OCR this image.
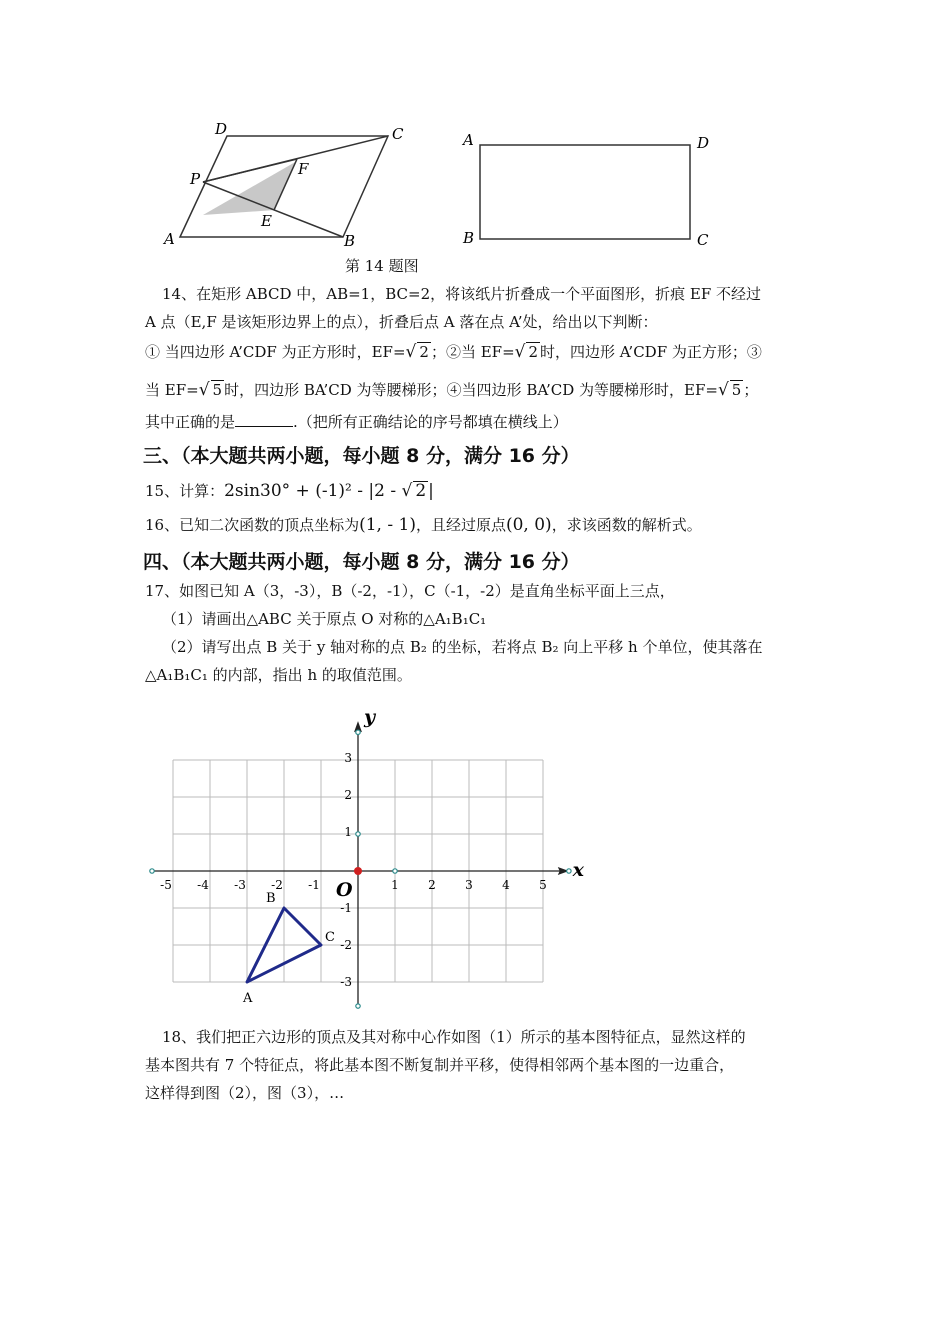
D	C
P
F
E
A	B
A	D
B	C
第 14 题图
14、在矩形 ABCD 中，AB=1，BC=2，将该纸片折叠成一个平面图形，折痕 EF 不经过
A 点（E,F 是该矩形边界上的点），折叠后点 A 落在点 A’处，给出以下判断：
① 当四边形 A’CDF 为正方形时，EF=√ 2 ；②当 EF=√ 2 时，四边形 A’CDF 为正方形；③
当 EF=√ 5 时，四边形 BA’CD 为等腰梯形；④当四边形 BA’CD 为等腰梯形时，EF=√ 5 ；
其中正确的是	.（把所有正确结论的序号都填在横线上）
三、（本大题共两小题，每小题 8 分，满分 16 分）
15、计算：2sin30° + (-1)² - |2 - √ 2 |
16、已知二次函数的顶点坐标为(1, - 1)，且经过原点(0, 0)，求该函数的解析式。
四、（本大题共两小题，每小题 8 分，满分 16 分）
17、如图已知 A（3，-3），B（-2，-1），C（-1，-2）是直角坐标平面上三点，
（1）请画出△ABC 关于原点 O 对称的△A₁B₁C₁
（2）请写出点 B 关于 y 轴对称的点 B₂ 的坐标，若将点 B₂ 向上平移 h 个单位，使其落在
△A₁B₁C₁ 的内部，指出 h 的取值范围。
x
y
O
-5 -4 -3 -2 -1	1 2 3 4 5
3
2
1
-1
-2
-3
A
B
C
18、我们把正六边形的顶点及其对称中心作如图（1）所示的基本图特征点，显然这样的
基本图共有 7 个特征点，将此基本图不断复制并平移，使得相邻两个基本图的一边重合，
这样得到图（2），图（3），…
